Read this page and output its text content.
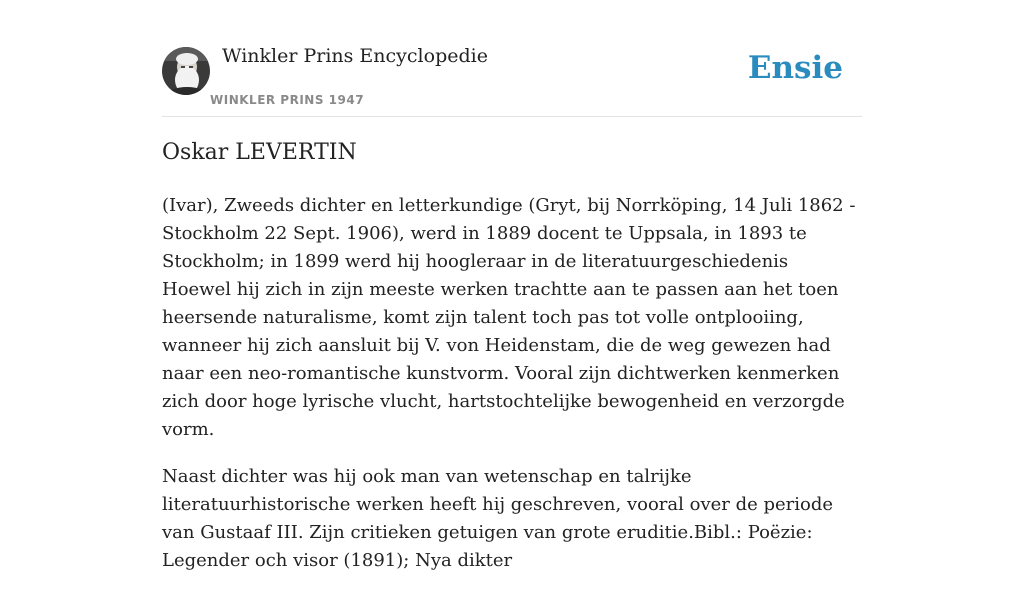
Winkler Prins Encyclopedie
WINKLER PRINS 1947
Ensie
Oskar LEVERTIN

(Ivar), Zweeds dichter en letterkundige (Gryt, bij Norrköping, 14 Juli 1862 - Stockholm 22 Sept. 1906), werd in 1889 docent te Uppsala, in 1893 te Stockholm; in 1899 werd hij hoogleraar in de literatuurgeschiedenis Hoewel hij zich in zijn meeste werken trachtte aan te passen aan het toen heersende naturalisme, komt zijn talent toch pas tot volle ontplooiing, wanneer hij zich aansluit bij V. von Heidenstam, die de weg gewezen had naar een neo-romantische kunstvorm. Vooral zijn dichtwerken kenmerken zich door hoge lyrische vlucht, hartstochtelijke bewogenheid en verzorgde vorm.

Naast dichter was hij ook man van wetenschap en talrijke literatuurhistorische werken heeft hij geschreven, vooral over de periode van Gustaaf III. Zijn critieken getuigen van grote eruditie.Bibl.: Poëzie: Legender och visor (1891); Nya dikter
